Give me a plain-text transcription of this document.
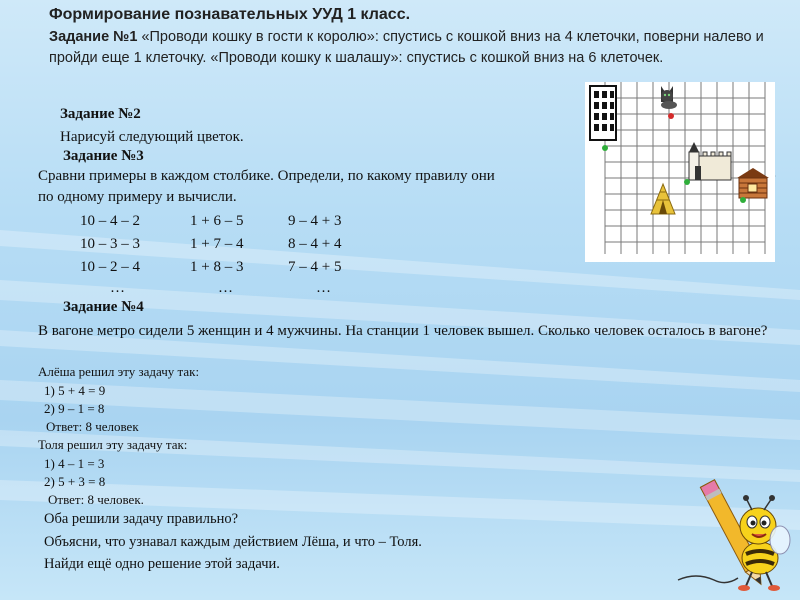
Формирование познавательных УУД 1 класс.
Задание №1 «Проводи кошку в гости к королю»: спустись с кошкой вниз на 4 клеточки, поверни налево и пройди еще 1 клеточку. «Проводи кошку к шалашу»: спустись с кошкой вниз на 6 клеточек.
Задание №2
Нарисуй следующий цветок.
Задание №3
Сравни примеры в каждом столбике. Определи, по какому правилу они
по одному примеру и вычисли.
10 – 4 – 2
10 – 3 – 3
10 – 2 – 4
…
1 + 6 – 5
1 + 7 – 4
1 + 8 – 3
…
9 – 4 + 3
8 – 4 + 4
7 – 4 + 5
…
Задание №4
В вагоне метро сидели 5 женщин и 4 мужчины. На станции 1 человек вышел. Сколько человек осталось в вагоне?
Алёша решил эту задачу так:
1) 5 + 4 = 9
2) 9 – 1 = 8
Ответ: 8 человек
Толя решил эту задачу так:
1) 4 – 1 = 3
2) 5 + 3 = 8
Ответ: 8 человек.
Оба решили задачу правильно?
Объясни, что узнавал каждым действием Лёша, и что – Толя.
Найди ещё одно решение этой задачи.
